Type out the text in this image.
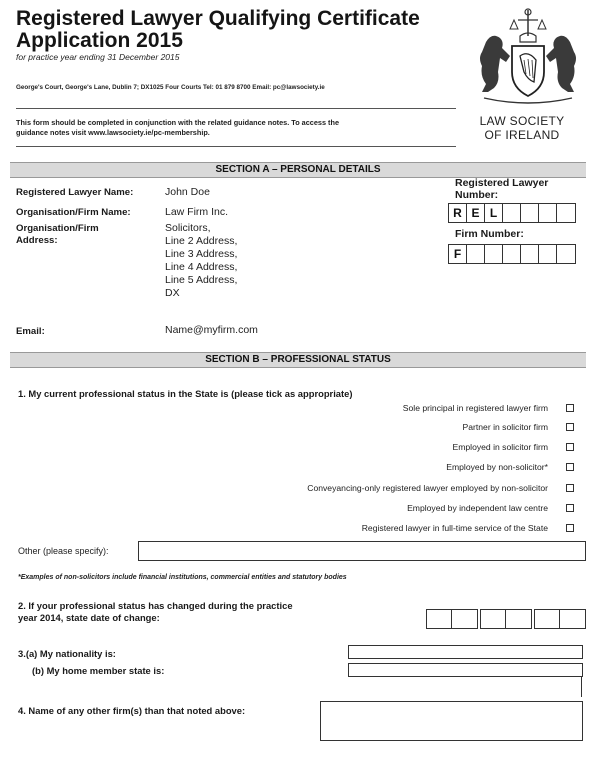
Registered Lawyer Qualifying Certificate
Application 2015
for practice year ending 31 December 2015
George's Court, George's Lane, Dublin 7; DX1025 Four Courts Tel: 01 879 8700 Email: pc@lawsociety.ie
This form should be completed in conjunction with the related guidance notes. To access the
guidance notes visit www.lawsociety.ie/pc-membership.
LAW SOCIETY
OF IRELAND
SECTION A – PERSONAL DETAILS
Registered Lawyer Name:	John Doe
Organisation/Firm Name:	Law Firm Inc.
Organisation/Firm
Address:
Solicitors,
Line 2 Address,
Line 3 Address,
Line 4 Address,
Line 5 Address,
DX
Email:	Name@myfirm.com
Registered Lawyer
Number:
R E L
Firm Number:
F
SECTION B – PROFESSIONAL STATUS
1. My current professional status in the State is (please tick as appropriate)
Sole principal in registered lawyer firm
Partner in solicitor firm
Employed in solicitor firm
Employed by non-solicitor*
Conveyancing-only registered lawyer employed by non-solicitor
Employed by independent law centre
Registered lawyer in full-time service of the State
Other (please specify):
*Examples of non-solicitors include financial institutions, commercial entities and statutory bodies
2. If your professional status has changed during the practice
year 2014, state date of change:
3.(a) My nationality is:
(b) My home member state is:
4. Name of any other firm(s) than that noted above:
